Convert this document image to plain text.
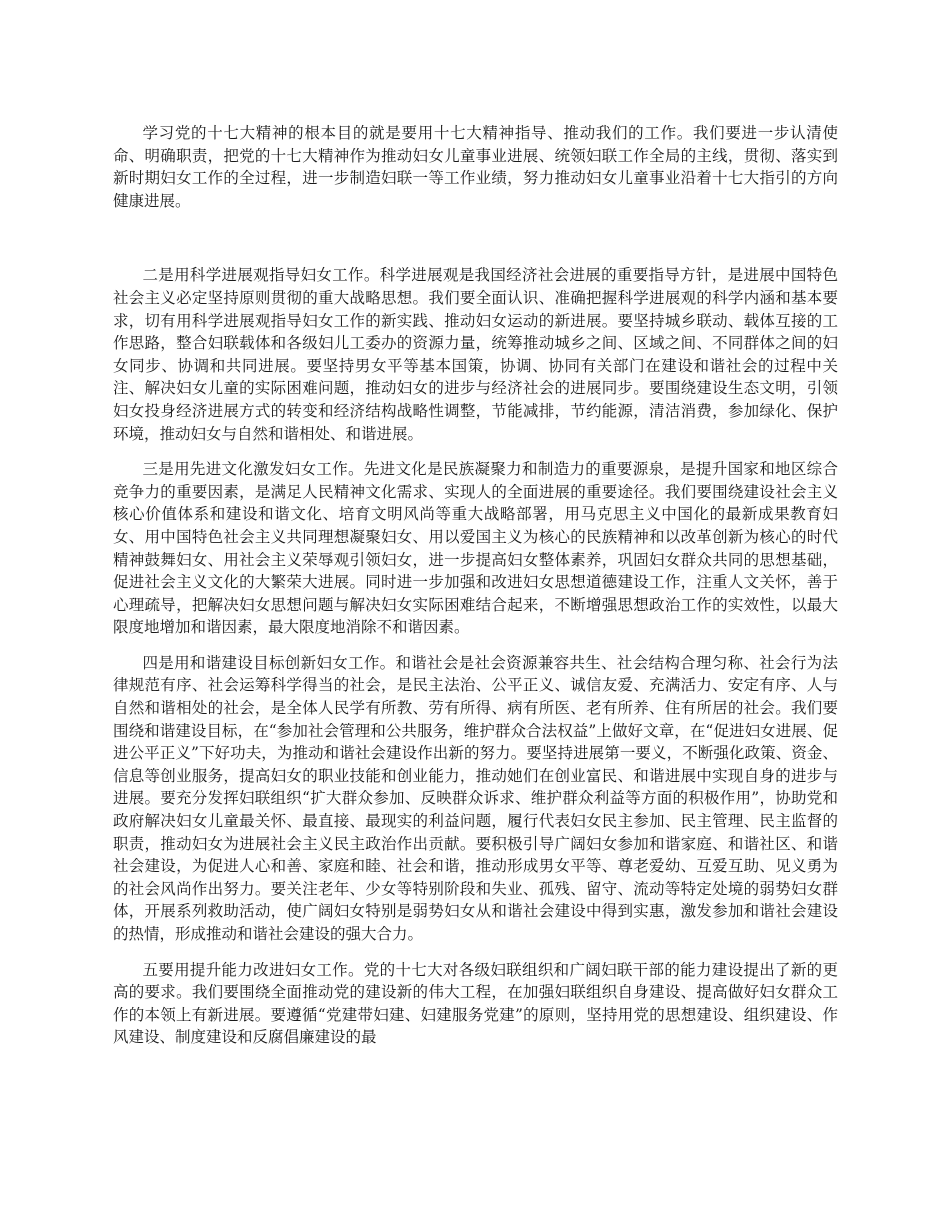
学习党的十七大精神的根本目的就是要用十七大精神指导、推动我们的工作。我们要进一步认清使命、明确职责，把党的十七大精神作为推动妇女儿童事业进展、统领妇联工作全局的主线，贯彻、落实到新时期妇女工作的全过程，进一步制造妇联一等工作业绩，努力推动妇女儿童事业沿着十七大指引的方向健康进展。

二是用科学进展观指导妇女工作。科学进展观是我国经济社会进展的重要指导方针，是进展中国特色社会主义必定坚持原则贯彻的重大战略思想。我们要全面认识、准确把握科学进展观的科学内涵和基本要求，切有用科学进展观指导妇女工作的新实践、推动妇女运动的新进展。要坚持城乡联动、载体互接的工作思路，整合妇联载体和各级妇儿工委办的资源力量，统筹推动城乡之间、区域之间、不同群体之间的妇女同步、协调和共同进展。要坚持男女平等基本国策，协调、协同有关部门在建设和谐社会的过程中关注、解决妇女儿童的实际困难问题，推动妇女的进步与经济社会的进展同步。要围绕建设生态文明，引领妇女投身经济进展方式的转变和经济结构战略性调整，节能减排，节约能源，清洁消费，参加绿化、保护环境，推动妇女与自然和谐相处、和谐进展。

三是用先进文化激发妇女工作。先进文化是民族凝聚力和制造力的重要源泉，是提升国家和地区综合竞争力的重要因素，是满足人民精神文化需求、实现人的全面进展的重要途径。我们要围绕建设社会主义核心价值体系和建设和谐文化、培育文明风尚等重大战略部署，用马克思主义中国化的最新成果教育妇女、用中国特色社会主义共同理想凝聚妇女、用以爱国主义为核心的民族精神和以改革创新为核心的时代精神鼓舞妇女、用社会主义荣辱观引领妇女，进一步提高妇女整体素养，巩固妇女群众共同的思想基础，促进社会主义文化的大繁荣大进展。同时进一步加强和改进妇女思想道德建设工作，注重人文关怀，善于心理疏导，把解决妇女思想问题与解决妇女实际困难结合起来，不断增强思想政治工作的实效性，以最大限度地增加和谐因素，最大限度地消除不和谐因素。

四是用和谐建设目标创新妇女工作。和谐社会是社会资源兼容共生、社会结构合理匀称、社会行为法律规范有序、社会运筹科学得当的社会，是民主法治、公平正义、诚信友爱、充满活力、安定有序、人与自然和谐相处的社会，是全体人民学有所教、劳有所得、病有所医、老有所养、住有所居的社会。我们要围绕和谐建设目标，在“参加社会管理和公共服务，维护群众合法权益”上做好文章，在“促进妇女进展、促进公平正义”下好功夫，为推动和谐社会建设作出新的努力。要坚持进展第一要义，不断强化政策、资金、信息等创业服务，提高妇女的职业技能和创业能力，推动她们在创业富民、和谐进展中实现自身的进步与进展。要充分发挥妇联组织“扩大群众参加、反映群众诉求、维护群众利益等方面的积极作用”，协助党和政府解决妇女儿童最关怀、最直接、最现实的利益问题，履行代表妇女民主参加、民主管理、民主监督的职责，推动妇女为进展社会主义民主政治作出贡献。要积极引导广阔妇女参加和谐家庭、和谐社区、和谐社会建设，为促进人心和善、家庭和睦、社会和谐，推动形成男女平等、尊老爱幼、互爱互助、见义勇为的社会风尚作出努力。要关注老年、少女等特别阶段和失业、孤残、留守、流动等特定处境的弱势妇女群体，开展系列救助活动，使广阔妇女特别是弱势妇女从和谐社会建设中得到实惠，激发参加和谐社会建设的热情，形成推动和谐社会建设的强大合力。

五要用提升能力改进妇女工作。党的十七大对各级妇联组织和广阔妇联干部的能力建设提出了新的更高的要求。我们要围绕全面推动党的建设新的伟大工程，在加强妇联组织自身建设、提高做好妇女群众工作的本领上有新进展。要遵循“党建带妇建、妇建服务党建”的原则，坚持用党的思想建设、组织建设、作风建设、制度建设和反腐倡廉建设的最
